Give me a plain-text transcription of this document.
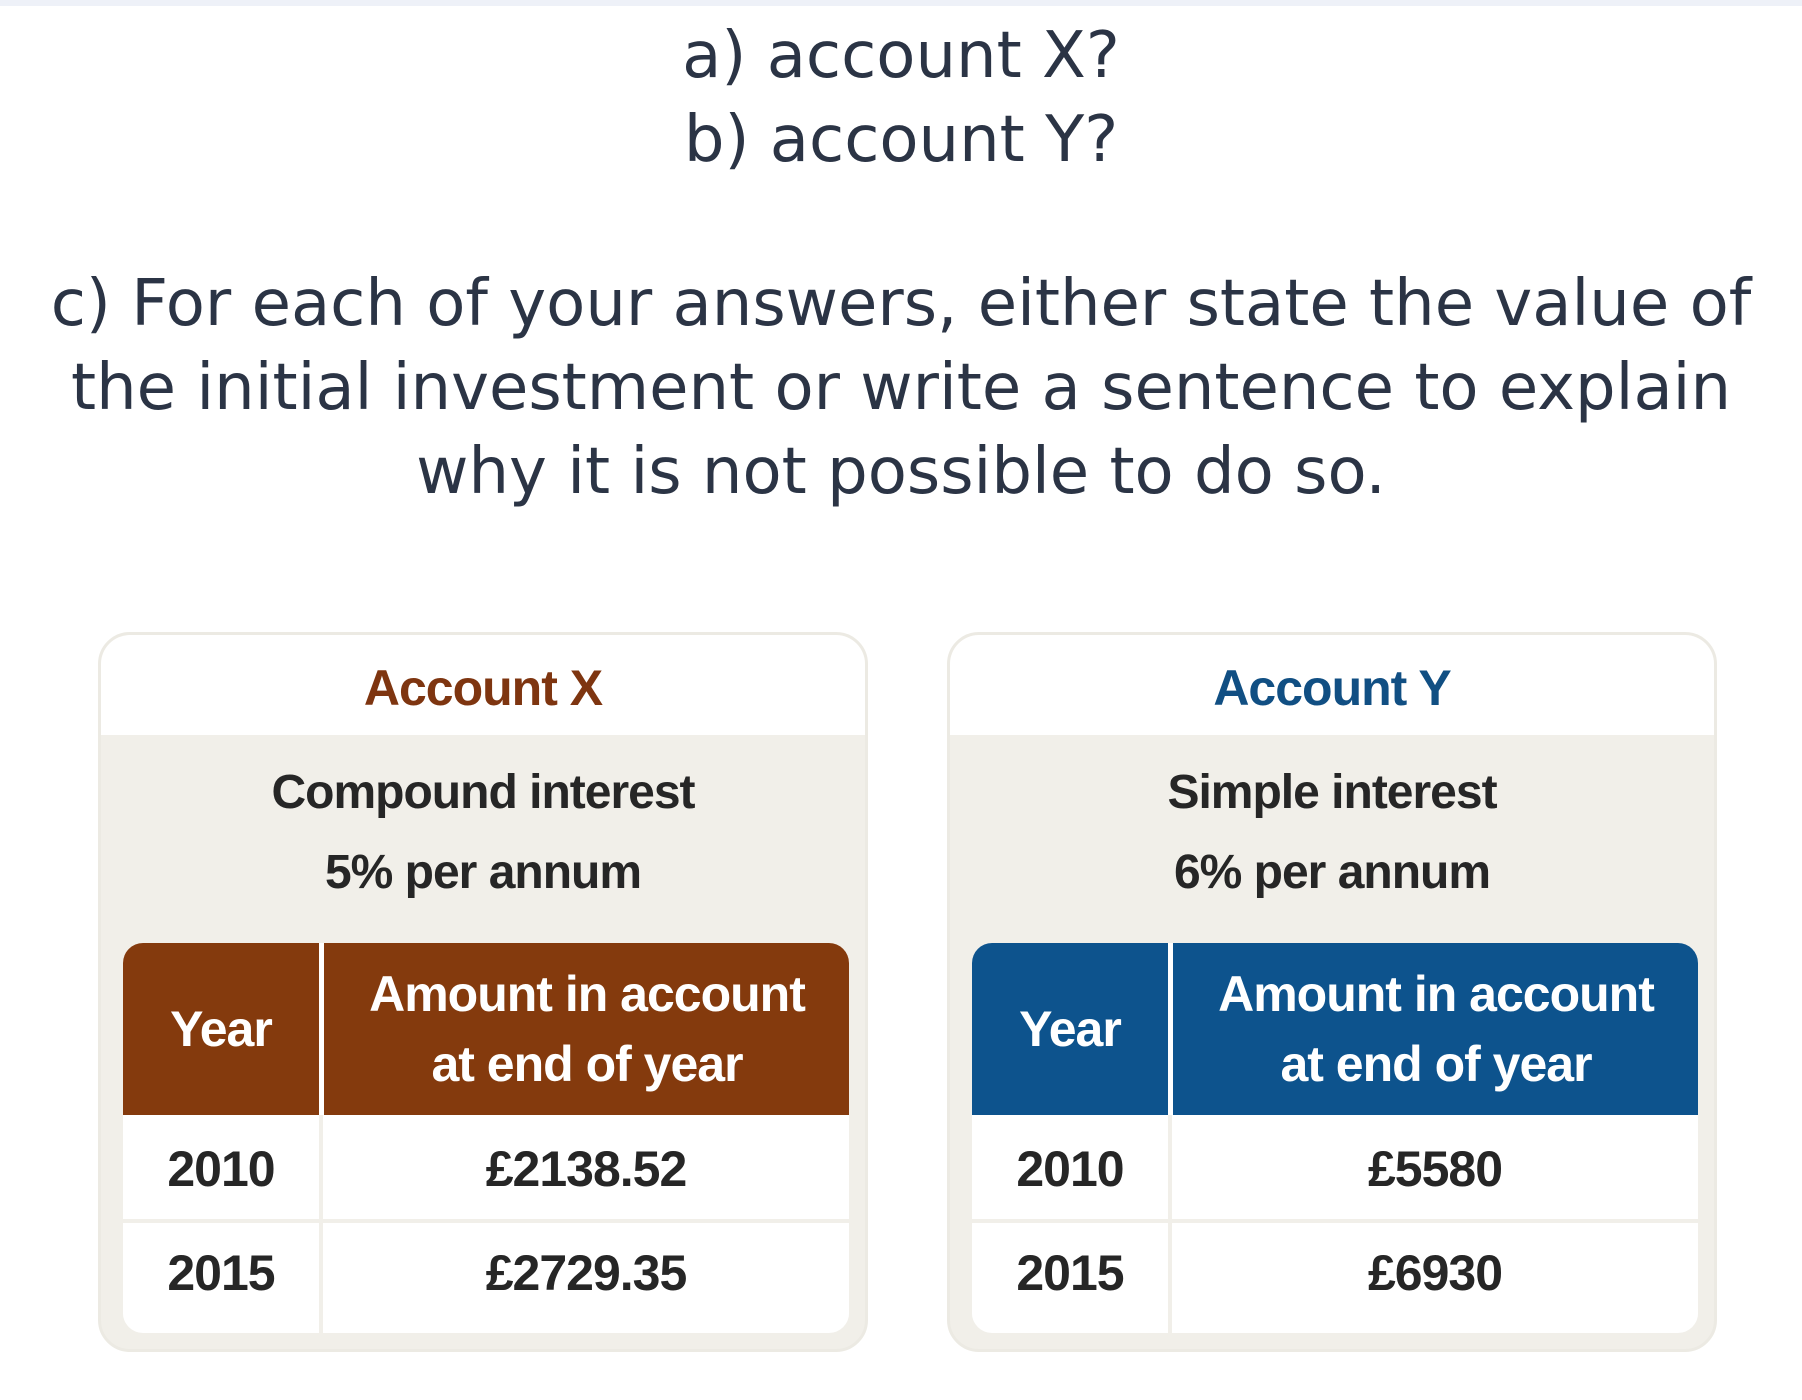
a) account X?
b) account Y?
c) For each of your answers, either state the value of
the initial investment or write a sentence to explain
why it is not possible to do so.
Account X
Compound interest
5% per annum
Year
Amount in account
at end of year
2010	£2138.52
2015	£2729.35
Account Y
Simple interest
6% per annum
Year
Amount in account
at end of year
2010	£5580
2015	£6930
